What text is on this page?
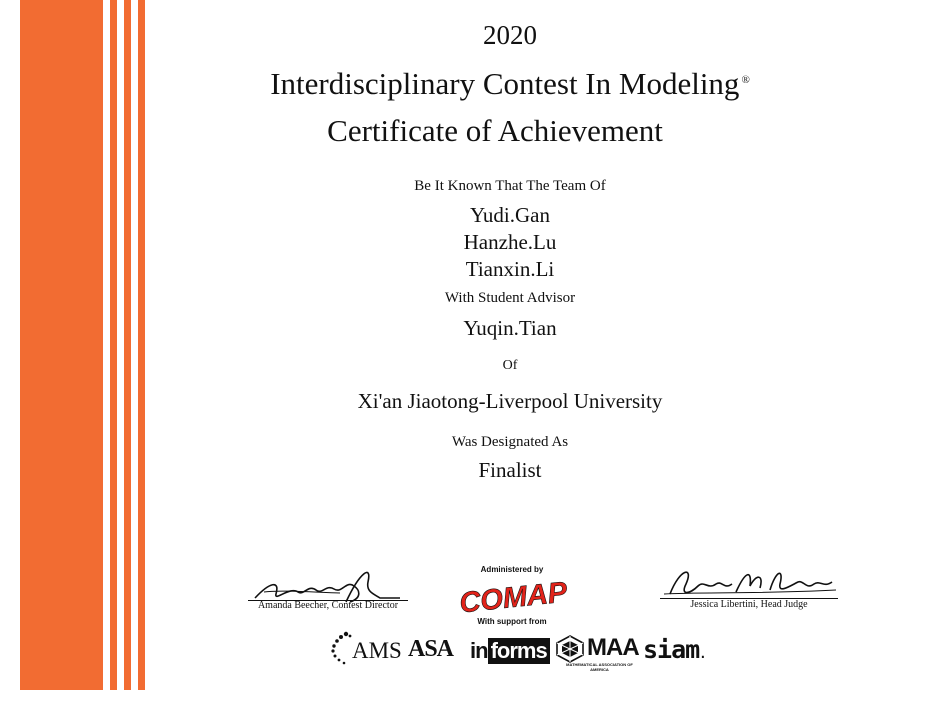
2020
Interdisciplinary Contest In Modeling ®
Certificate of Achievement
Be It Known That The Team Of
Yudi.Gan
Hanzhe.Lu
Tianxin.Li
With Student Advisor
Yuqin.Tian
Of
Xi'an Jiaotong-Liverpool University
Was Designated As
Finalist
Amanda Beecher, Contest Director	Jessica Libertini, Head Judge
Administered by
COMAP
With support from
AMS ASA in forms MAA
MATHEMATICAL ASSOCIATION OF AMERICA
siam.
